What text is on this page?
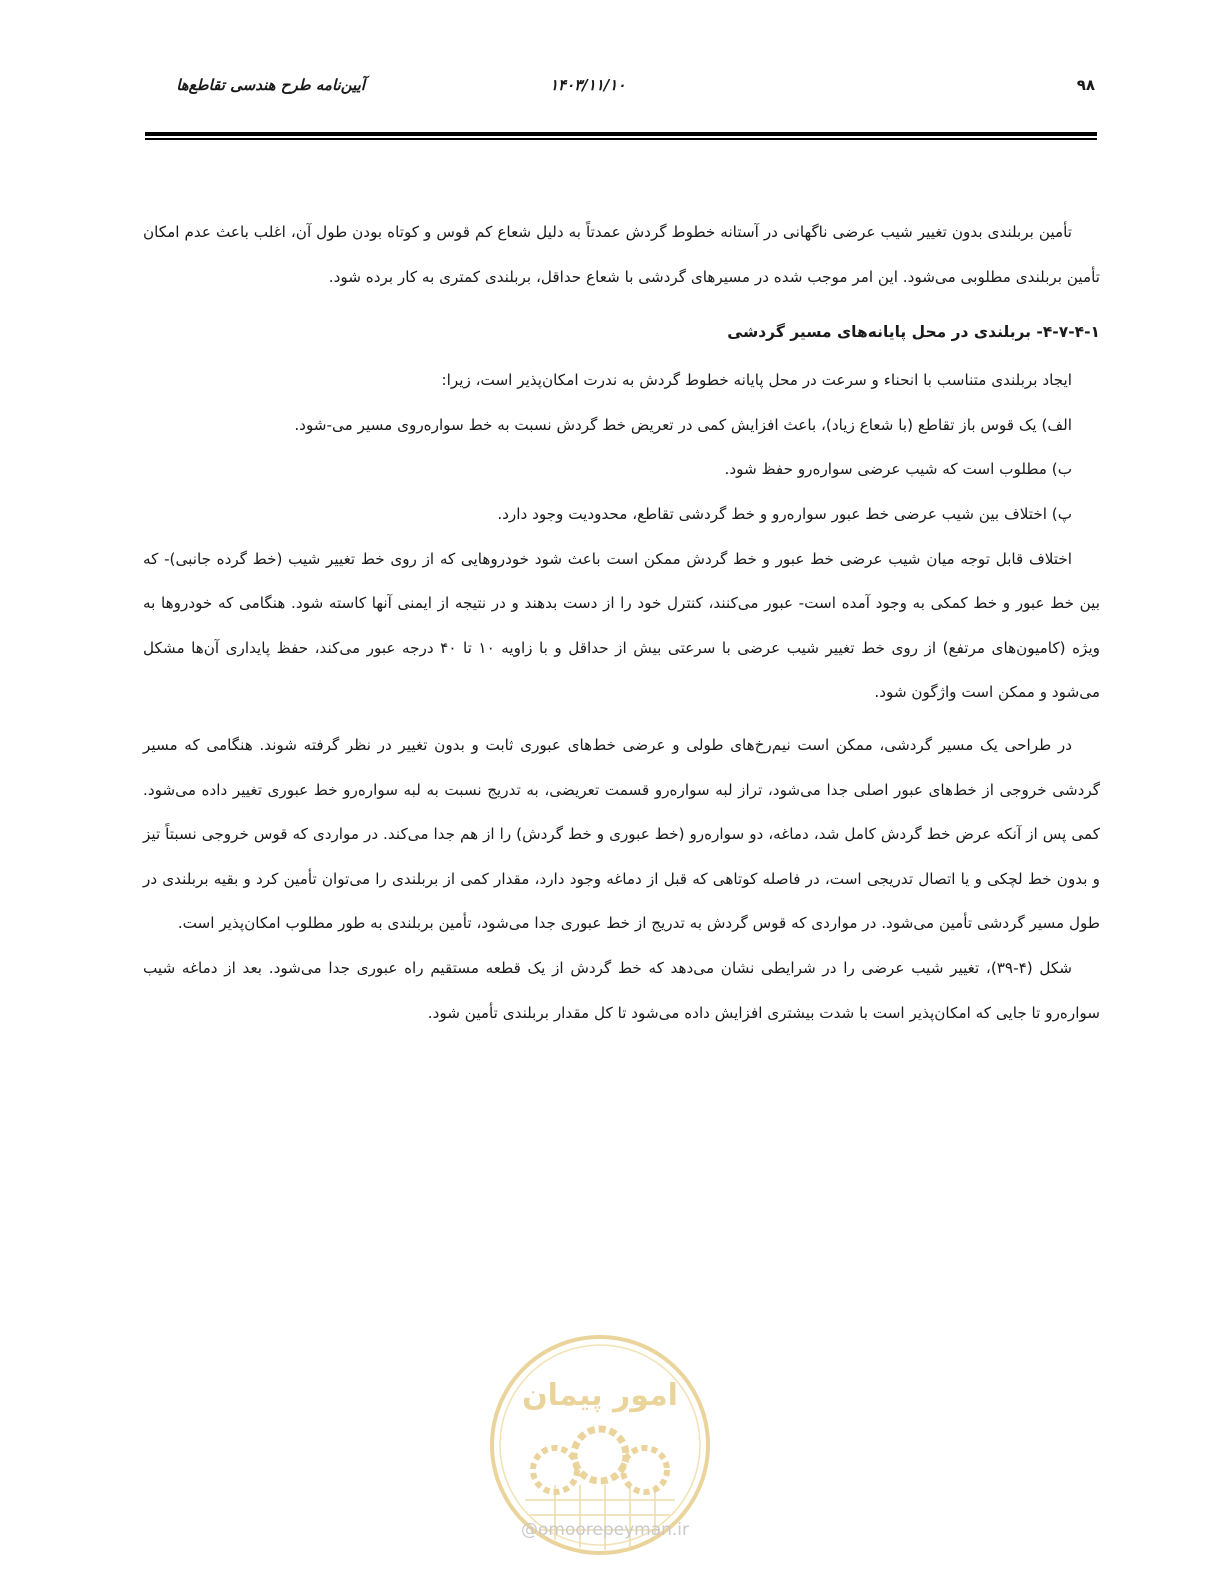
آیین‌نامه طرح هندسی تقاطع‌ها	۱۴۰۳/۱۱/۱۰	۹۸

تأمین بربلندی بدون تغییر شیب عرضی ناگهانی در آستانه خطوط گردش عمدتاً به دلیل شعاع کم قوس و کوتاه بودن طول آن، اغلب باعث عدم امکان تأمین بربلندی مطلوبی می‌شود. این امر موجب شده در مسیرهای گردشی با شعاع حداقل، بربلندی کمتری به کار برده شود.

۴-۷-۴-۱- بربلندی در محل پایانه‌های مسیر گردشی

ایجاد بربلندی متناسب با انحناء و سرعت در محل پایانه خطوط گردش به ندرت امکان‌پذیر است، زیرا:

الف) یک قوس باز تقاطع (با شعاع زیاد)، باعث افزایش کمی در تعریض خط گردش نسبت به خط سواره‌روی مسیر می-شود.

ب) مطلوب است که شیب عرضی سواره‌رو حفظ شود.

پ) اختلاف بین شیب عرضی خط عبور سواره‌رو و خط گردشی تقاطع، محدودیت وجود دارد.

اختلاف قابل توجه میان شیب عرضی خط عبور و خط گردش ممکن است باعث شود خودروهایی که از روی خط تغییر شیب (خط گرده جانبی)- که بین خط عبور و خط کمکی به وجود آمده است- عبور می‌کنند، کنترل خود را از دست بدهند و در نتیجه از ایمنی آنها کاسته شود. هنگامی که خودروها به ویژه (کامیون‌های مرتفع) از روی خط تغییر شیب عرضی با سرعتی بیش از حداقل و با زاویه ۱۰ تا ۴۰ درجه عبور می‌کند، حفظ پایداری آن‌ها مشکل می‌شود و ممکن است واژگون شود.

در طراحی یک مسیر گردشی، ممکن است نیم‌رخ‌های طولی و عرضی خط‌های عبوری ثابت و بدون تغییر در نظر گرفته شوند. هنگامی که مسیر گردشی خروجی از خط‌های عبور اصلی جدا می‌شود، تراز لبه سواره‌رو قسمت تعریضی، به تدریج نسبت به لبه سواره‌رو خط عبوری تغییر داده می‌شود. کمی پس از آنکه عرض خط گردش کامل شد، دماغه، دو سواره‌رو (خط عبوری و خط گردش) را از هم جدا می‌کند. در مواردی که قوس خروجی نسبتاً تیز و بدون خط لچکی و یا اتصال تدریجی است، در فاصله کوتاهی که قبل از دماغه وجود دارد، مقدار کمی از بربلندی را می‌توان تأمین کرد و بقیه بربلندی در طول مسیر گردشی تأمین می‌شود. در مواردی که قوس گردش به تدریج از خط عبوری جدا می‌شود، تأمین بربلندی به طور مطلوب امکان‌پذیر است.

شکل (۴-۳۹)، تغییر شیب عرضی را در شرایطی نشان می‌دهد که خط گردش از یک قطعه مستقیم راه عبوری جدا می‌شود. بعد از دماغه شیب سواره‌رو تا جایی که امکان‌پذیر است با شدت بیشتری افزایش داده می‌شود تا کل مقدار بربلندی تأمین شود.

امور پیمان
@omoorepeyman.ir
